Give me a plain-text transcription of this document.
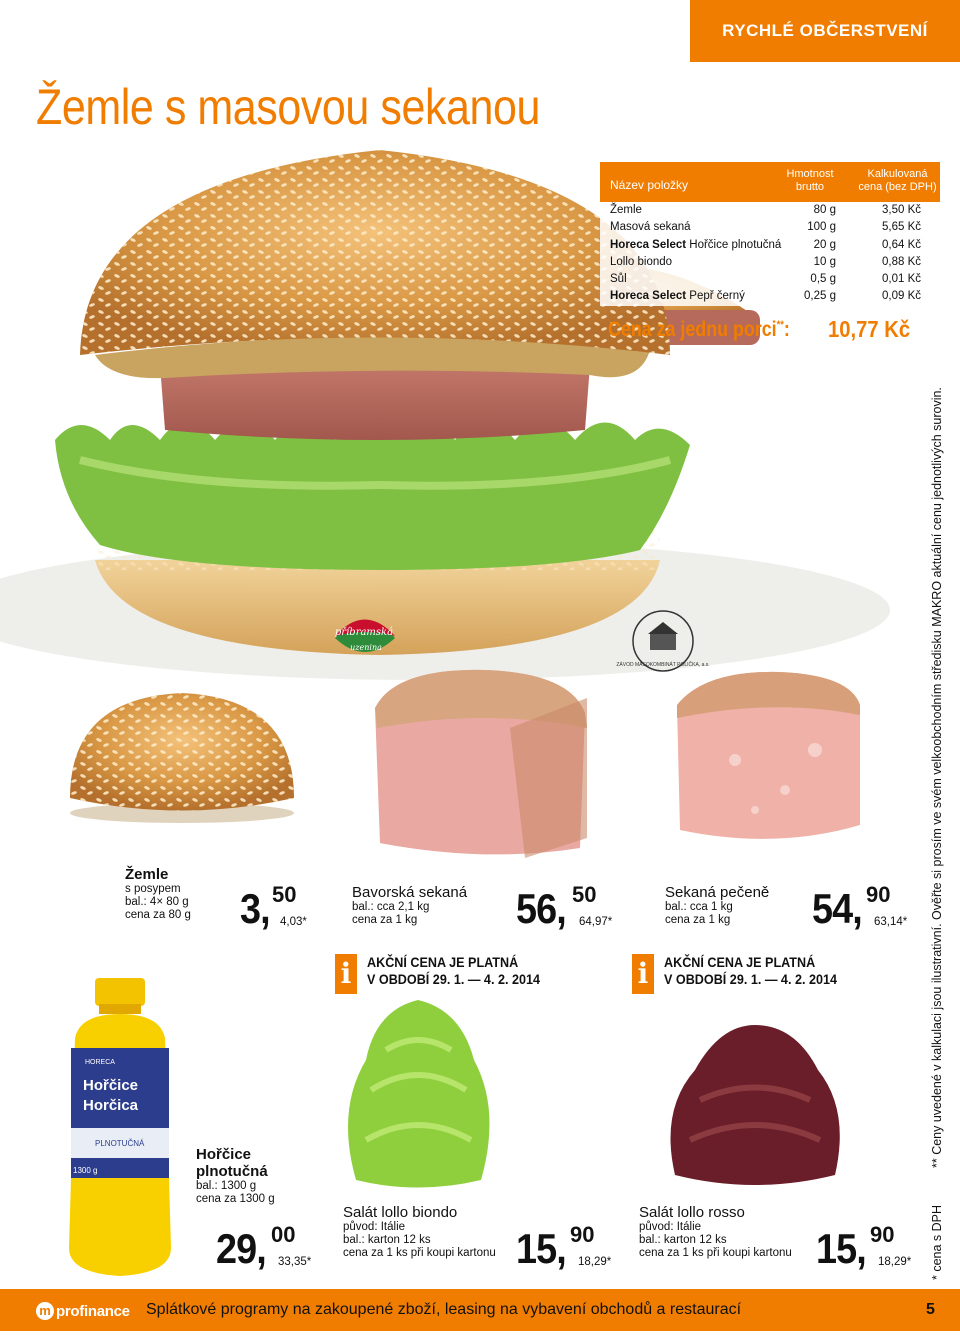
RYCHLÉ OBČERSTVENÍ
Žemle s masovou sekanou
Název položky
Hmotnost brutto
Kalkulovaná cena (bez DPH)
Žemle	80 g	3,50 Kč
Masová sekaná	100 g	5,65 Kč
Horeca Select Hořčice plnotučná	20 g	0,64 Kč
Lollo biondo	10 g	0,88 Kč
Sůl	0,5 g	0,01 Kč
Horeca Select Pepř černý	0,25 g	0,09 Kč
Cena za jednu porci**: 10,77 Kč
* cena s DPH
** Ceny uvedené v kalkulaci jsou ilustrativní. Ověřte si prosím ve svém velkoobchodním středisku MAKRO aktuální cenu jednotlivých surovin.
příbramská
uzenina
ZÁVOD MASOKOMBINÁT POLIČKA, a.s.
Žemle
s posypem
bal.: 4× 80 g
cena za 80 g 3, 50
4,03*
Bavorská sekaná
bal.: cca 2,1 kg
cena za 1 kg	56, 50
64,97*
Sekaná pečeně
bal.: cca 1 kg
cena za 1 kg	54, 90
63,14*
i	AKČNÍ CENA JE PLATNÁ
V OBDOBÍ 29. 1. — 4. 2. 2014	i	AKČNÍ CENA JE PLATNÁ
V OBDOBÍ 29. 1. — 4. 2. 2014
HORECA
Hořčice
Horčica
PLNOTUČNÁ
1300 g
Hořčice
plnotučná
bal.: 1300 g
cena za 1300 g
29, 00
33,35*
Salát lollo biondo
původ: Itálie
bal.: karton 12 ks
cena za 1 ks při koupi kartonu 15, 90
18,29*
Salát lollo rosso
původ: Itálie
bal.: karton 12 ks
cena za 1 ks při koupi kartonu 15, 90
18,29*
m profinance Splátkové programy na zakoupené zboží, leasing na vybavení obchodů a restaurací	5
